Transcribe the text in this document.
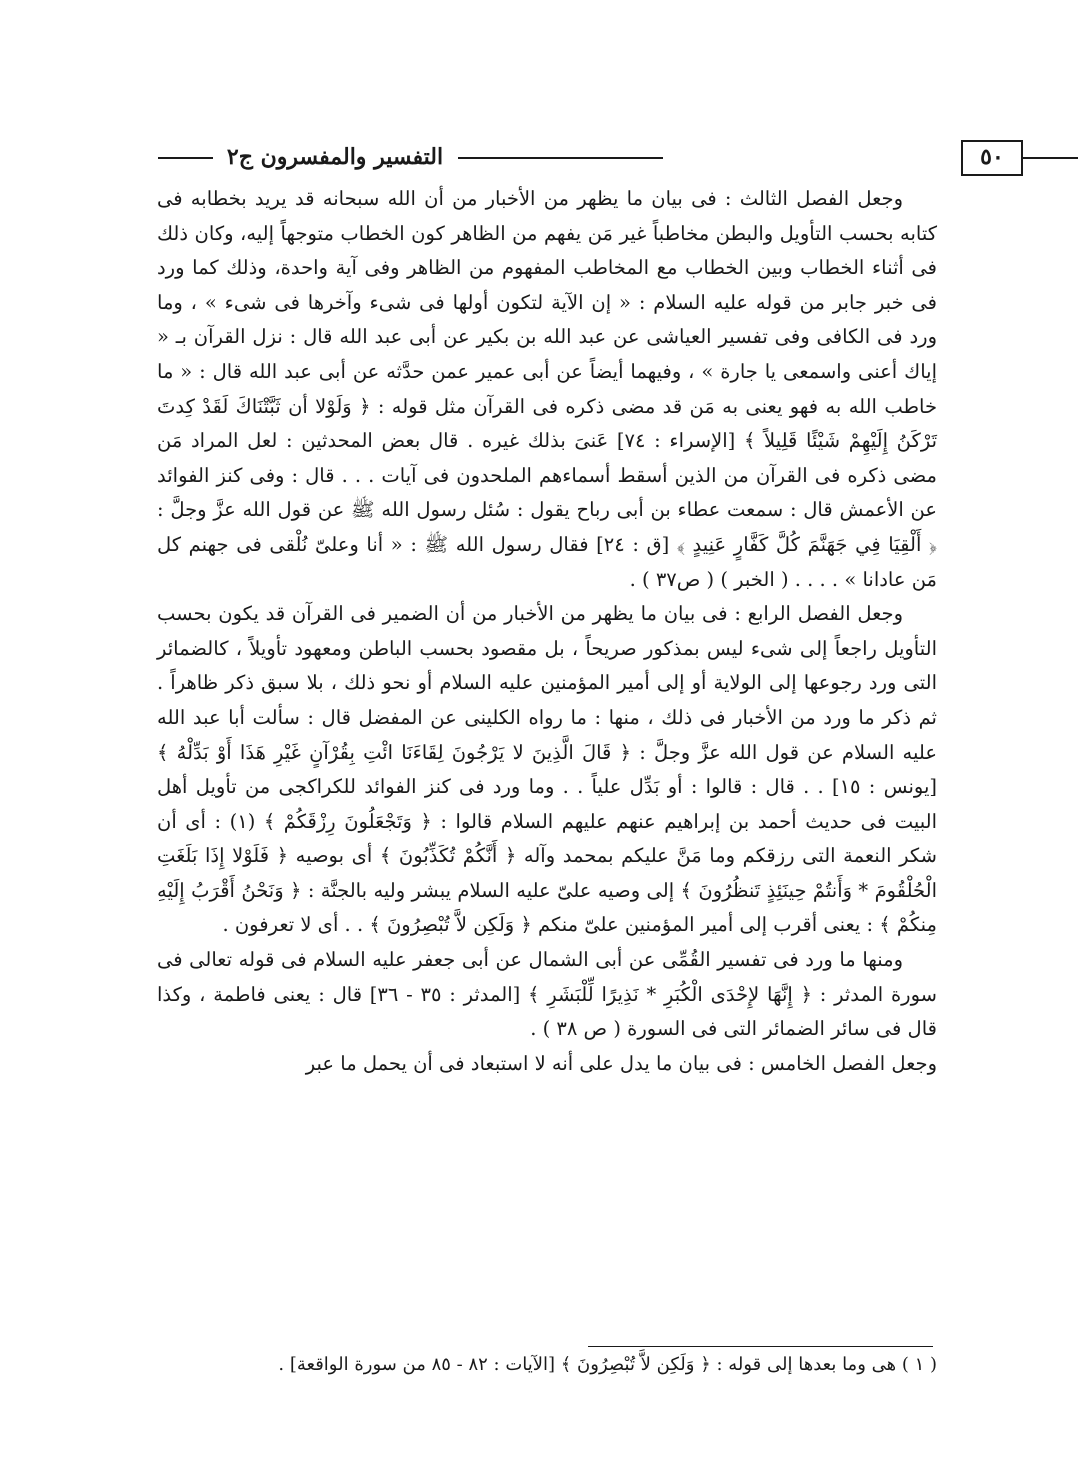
التفسير والمفسرون ج٢	٥٠

وجعل الفصل الثالث : فى بيان ما يظهر من الأخبار من أن الله سبحانه قد يريد بخطابه فى كتابه بحسب التأويل والبطن مخاطباً غير مَن يفهم من الظاهر كون الخطاب متوجهاً إليه، وكان ذلك فى أثناء الخطاب وبين الخطاب مع المخاطب المفهوم من الظاهر وفى آية واحدة، وذلك كما ورد فى خبر جابر من قوله عليه السلام : « إن الآية لتكون أولها فى شىء وآخرها فى شىء » ، وما ورد فى الكافى وفى تفسير العياشى عن عبد الله بن بكير عن أبى عبد الله قال : نزل القرآن بـ « إياك أعنى واسمعى يا جارة » ، وفيهما أيضاً عن أبى عمير عمن حدَّثه عن أبى عبد الله قال : « ما خاطب الله به فهو يعنى به مَن قد مضى ذكره فى القرآن مثل قوله : ﴿ وَلَوْلا أن ثَبَّتْنَاكَ لَقَدْ كِدتَ تَرْكَنُ إِلَيْهِمْ شَيْئًا قَلِيلاً ﴾ [الإسراء : ٧٤] عَنىَ بذلك غيره . قال بعض المحدثين : لعل المراد مَن مضى ذكره فى القرآن من الذين أسقط أسماءهم الملحدون فى آيات . . . قال : وفى كنز الفوائد عن الأعمش قال : سمعت عطاء بن أبى رباح يقول : سُئل رسول الله ﷺ عن قول الله عزَّ وجلَّ : ﴿ أَلْقِيَا فِي جَهَنَّمَ كُلَّ كَفَّارٍ عَنِيدٍ ﴾ [ق : ٢٤] فقال رسول الله ﷺ : « أنا وعلىّ نُلْقى فى جهنم كل مَن عادانا » . . . . ( الخبر ) ( ص٣٧ ) .

وجعل الفصل الرابع : فى بيان ما يظهر من الأخبار من أن الضمير فى القرآن قد يكون بحسب التأويل راجعاً إلى شىء ليس بمذكور صريحاً ، بل مقصود بحسب الباطن ومعهود تأويلاً ، كالضمائر التى ورد رجوعها إلى الولاية أو إلى أمير المؤمنين عليه السلام أو نحو ذلك ، بلا سبق ذكر ظاهراً . ثم ذكر ما ورد من الأخبار فى ذلك ، منها : ما رواه الكلينى عن المفضل قال : سألت أبا عبد الله عليه السلام عن قول الله عزَّ وجلَّ : ﴿ قَالَ الَّذِينَ لا يَرْجُونَ لِقَاءَنَا ائْتِ بِقُرْآنٍ غَيْرِ هَذَا أَوْ بَدِّلْهُ ﴾ [يونس : ١٥] . . قال : قالوا : أو بَدِّل علياً . . وما ورد فى كنز الفوائد للكراكجى من تأويل أهل البيت فى حديث أحمد بن إبراهيم عنهم عليهم السلام قالوا : ﴿ وَتَجْعَلُونَ رِزْقَكُمْ ﴾ (١) : أى أن شكر النعمة التى رزقكم وما مَنَّ عليكم بمحمد وآله ﴿ أَنَّكُمْ تُكَذِّبُونَ ﴾ أى بوصيه ﴿ فَلَوْلا إِذَا بَلَغَتِ الْحُلْقُومَ * وَأَنتُمْ حِينَئِذٍ تَنظُرُونَ ﴾ إلى وصيه علىّ عليه السلام يبشر وليه بالجنَّة : ﴿ وَنَحْنُ أَقْرَبُ إِلَيْهِ مِنكُمْ ﴾ : يعنى أقرب إلى أمير المؤمنين علىّ منكم ﴿ وَلَكِن لاَّ تُبْصِرُونَ ﴾ . . أى لا تعرفون .

ومنها ما ورد فى تفسير القُمِّى عن أبى الشمال عن أبى جعفر عليه السلام فى قوله تعالى فى سورة المدثر : ﴿ إِنَّهَا لإِحْدَى الْكُبَرِ * نَذِيرًا لِّلْبَشَرِ ﴾ [المدثر : ٣٥ - ٣٦] قال : يعنى فاطمة ، وكذا قال فى سائر الضمائر التى فى السورة ( ص ٣٨ ) .

وجعل الفصل الخامس : فى بيان ما يدل على أنه لا استبعاد فى أن يحمل ما عبر

( ١ ) هى وما بعدها إلى قوله : ﴿ وَلَكِن لاَّ تُبْصِرُونَ ﴾ [الآيات : ٨٢ - ٨٥ من سورة الواقعة] .
